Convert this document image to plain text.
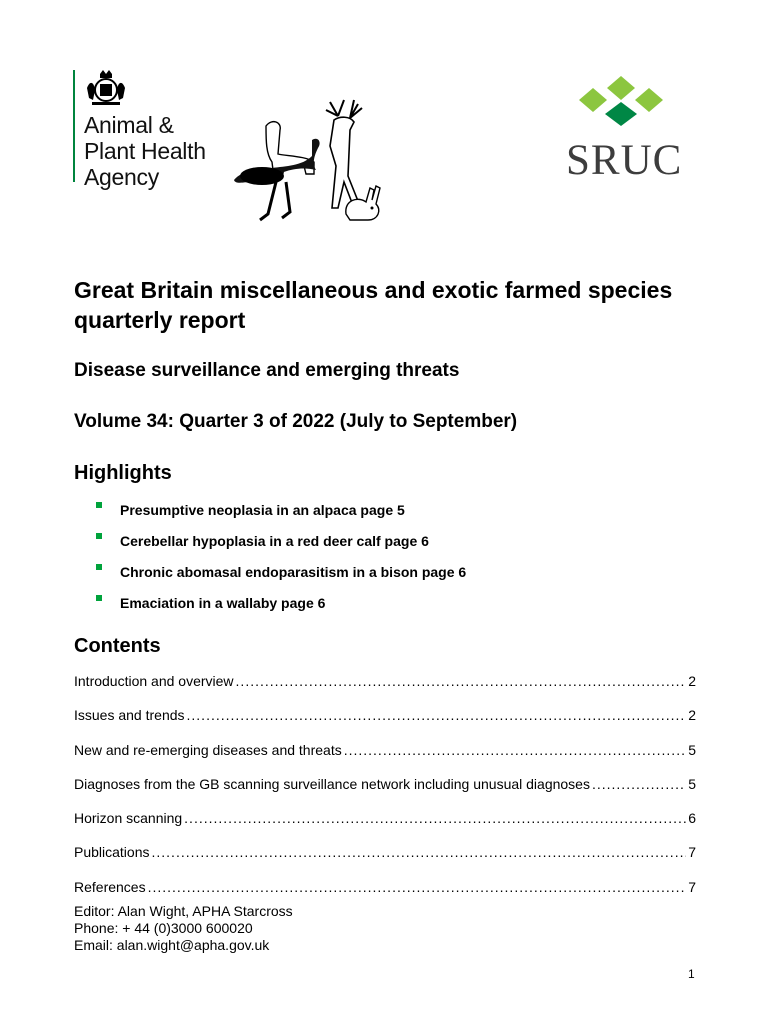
Animal &
Plant Health
Agency	SRUC
Great Britain miscellaneous and exotic farmed species quarterly report
Disease surveillance and emerging threats
Volume 34: Quarter 3 of 2022 (July to September)
Highlights
Presumptive neoplasia in an alpaca page 5
Cerebellar hypoplasia in a red deer calf page 6
Chronic abomasal endoparasitism in a bison page 6
Emaciation in a wallaby page 6
Contents
Introduction and overview .....	2
Issues and trends .....	2
New and re-emerging diseases and threats .....	5
Diagnoses from the GB scanning surveillance network including unusual diagnoses .....	5
Horizon scanning .....	6
Publications .....	7
References .....	7
Editor: Alan Wight, APHA Starcross
Phone: + 44 (0)3000 600020
Email: alan.wight@apha.gov.uk
1
